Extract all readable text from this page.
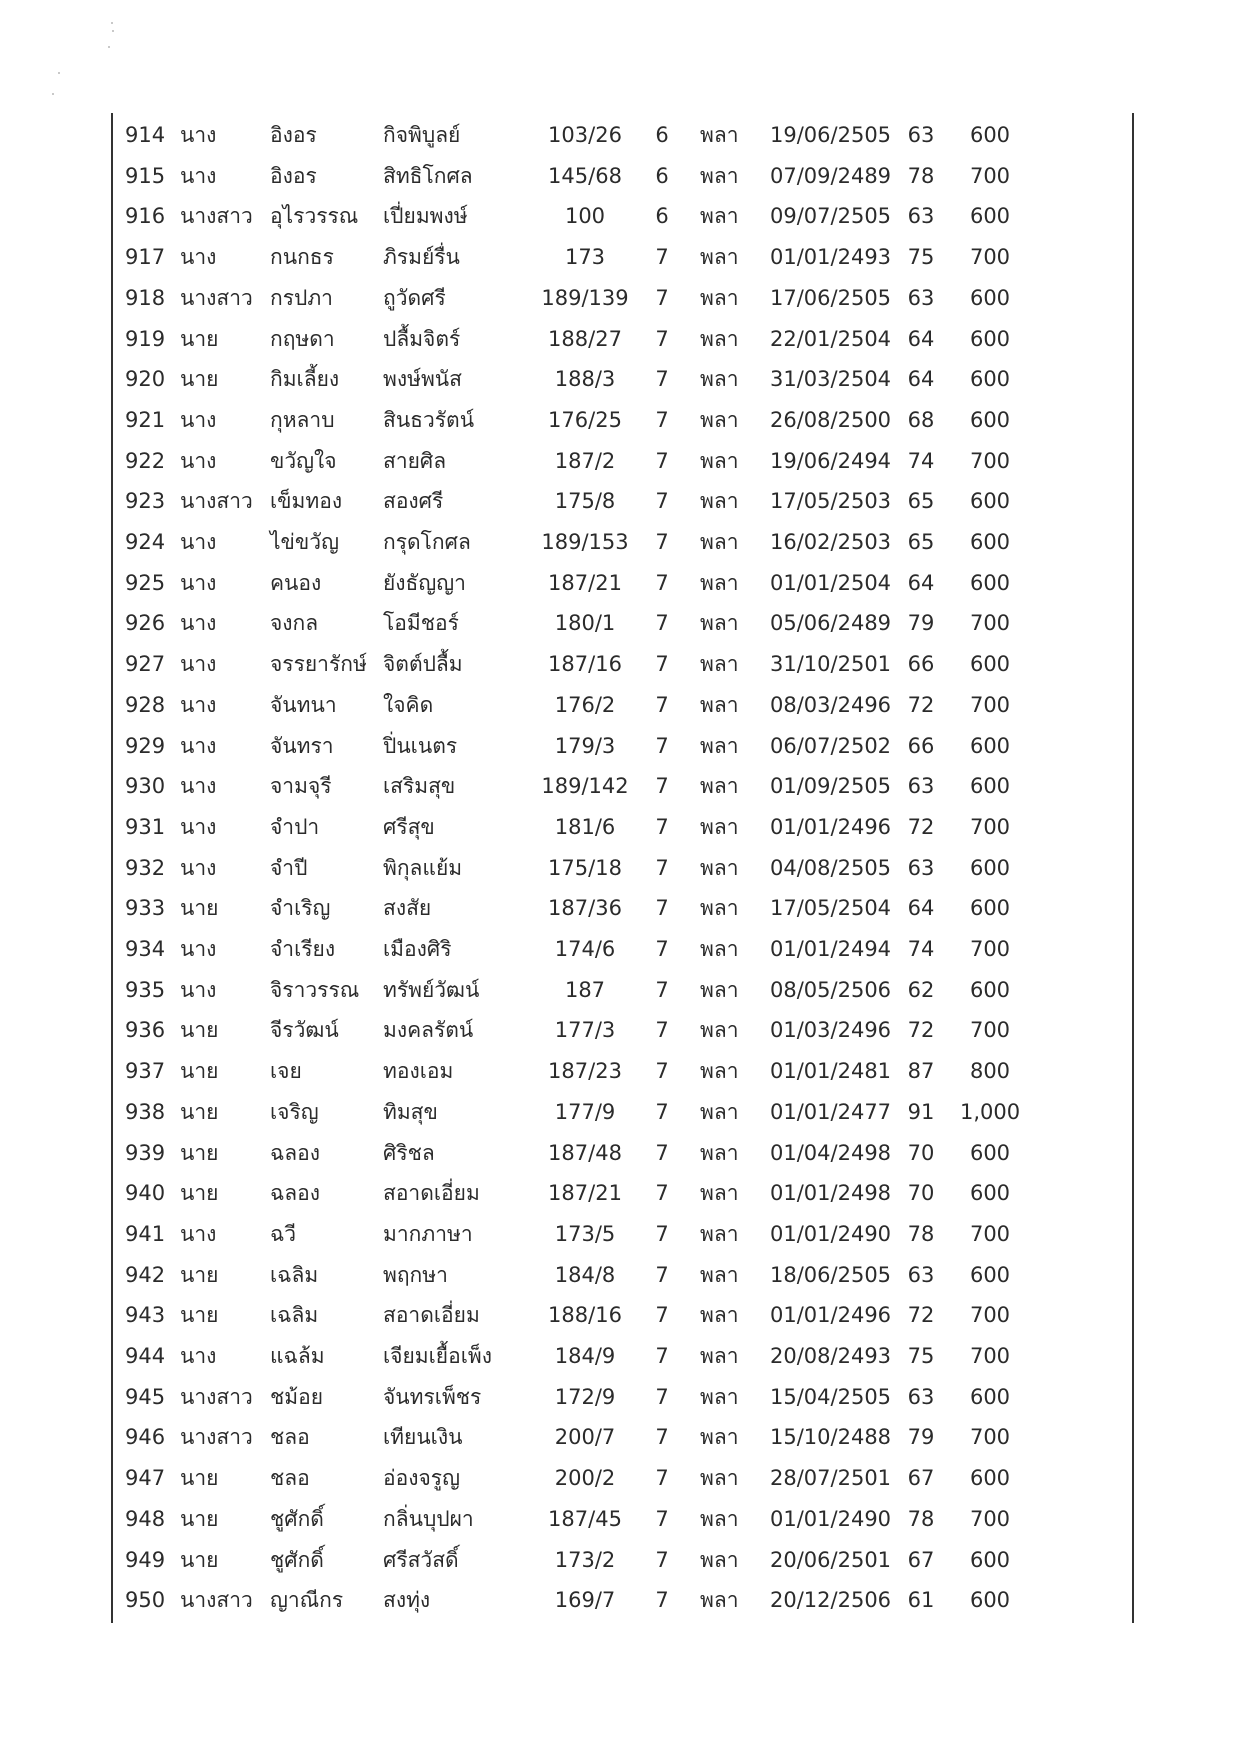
914 นาง	อิงอร	กิจพิบูลย์	103/26	6 พลา 19/06/2505 63	600
915 นาง	อิงอร	สิทธิโกศล	145/68	6 พลา 07/09/2489 78	700
916 นางสาว อุไรวรรณ เปี่ยมพงษ์	100	6 พลา 09/07/2505 63	600
917 นาง	กนกธร ภิรมย์รื่น	173	7 พลา 01/01/2493 75	700
918 นางสาว กรปภา ถูวัดศรี	189/139	7 พลา 17/06/2505 63	600
919 นาย กฤษดา ปลื้มจิตร์	188/27	7 พลา 22/01/2504 64	600
920 นาย กิมเลี้ยง พงษ์พนัส	188/3	7 พลา 31/03/2504 64	600
921 นาง	กุหลาบ สินธวรัตน์	176/25	7 พลา 26/08/2500 68	600
922 นาง	ขวัญใจ สายศิล	187/2	7 พลา 19/06/2494 74	700
923 นางสาว เข็มทอง สองศรี	175/8	7 พลา 17/05/2503 65	600
924 นาง	ไข่ขวัญ กรุดโกศล	189/153	7 พลา 16/02/2503 65	600
925 นาง	คนอง	ยังธัญญา	187/21	7 พลา 01/01/2504 64	600
926 นาง	จงกล	โอมีชอร์	180/1	7 พลา 05/06/2489 79	700
927 นาง	จรรยารักษ์ จิตต์ปลื้ม	187/16	7 พลา 31/10/2501 66	600
928 นาง	จันทนา ใจคิด	176/2	7 พลา 08/03/2496 72	700
929 นาง	จันทรา ปิ่นเนตร	179/3	7 พลา 06/07/2502 66	600
930 นาง	จามจุรี เสริมสุข	189/142	7 พลา 01/09/2505 63	600
931 นาง	จำปา	ศรีสุข	181/6	7 พลา 01/01/2496 72	700
932 นาง	จำปี	พิกุลแย้ม	175/18	7 พลา 04/08/2505 63	600
933 นาย จำเริญ	สงสัย	187/36	7 พลา 17/05/2504 64	600
934 นาง	จำเรียง เมืองศิริ	174/6	7 พลา 01/01/2494 74	700
935 นาง	จิราวรรณ ทรัพย์วัฒน์	187	7 พลา 08/05/2506 62	600
936 นาย จีรวัฒน์ มงคลรัตน์	177/3	7 พลา 01/03/2496 72	700
937 นาย เจย	ทองเอม	187/23	7 พลา 01/01/2481 87	800
938 นาย เจริญ	ทิมสุข	177/9	7 พลา 01/01/2477 91 1,000
939 นาย ฉลอง	ศิริชล	187/48	7 พลา 01/04/2498 70	600
940 นาย ฉลอง	สอาดเอี่ยม	187/21	7 พลา 01/01/2498 70	600
941 นาง	ฉวี	มากภาษา	173/5	7 พลา 01/01/2490 78	700
942 นาย เฉลิม	พฤกษา	184/8	7 พลา 18/06/2505 63	600
943 นาย เฉลิม	สอาดเอี่ยม	188/16	7 พลา 01/01/2496 72	700
944 นาง	แฉล้ม	เจียมเยื้อเพ็ง	184/9	7 พลา 20/08/2493 75	700
945 นางสาว ชม้อย	จันทรเพ็ชร	172/9	7 พลา 15/04/2505 63	600
946 นางสาว ชลอ	เทียนเงิน	200/7	7 พลา 15/10/2488 79	700
947 นาย ชลอ	อ่องจรูญ	200/2	7 พลา 28/07/2501 67	600
948 นาย ชูศักดิ์	กลิ่นบุปผา	187/45	7 พลา 01/01/2490 78	700
949 นาย ชูศักดิ์	ศรีสวัสดิ์	173/2	7 พลา 20/06/2501 67	600
950 นางสาว ญาณีกร สงทุ่ง	169/7	7 พลา 20/12/2506 61	600
